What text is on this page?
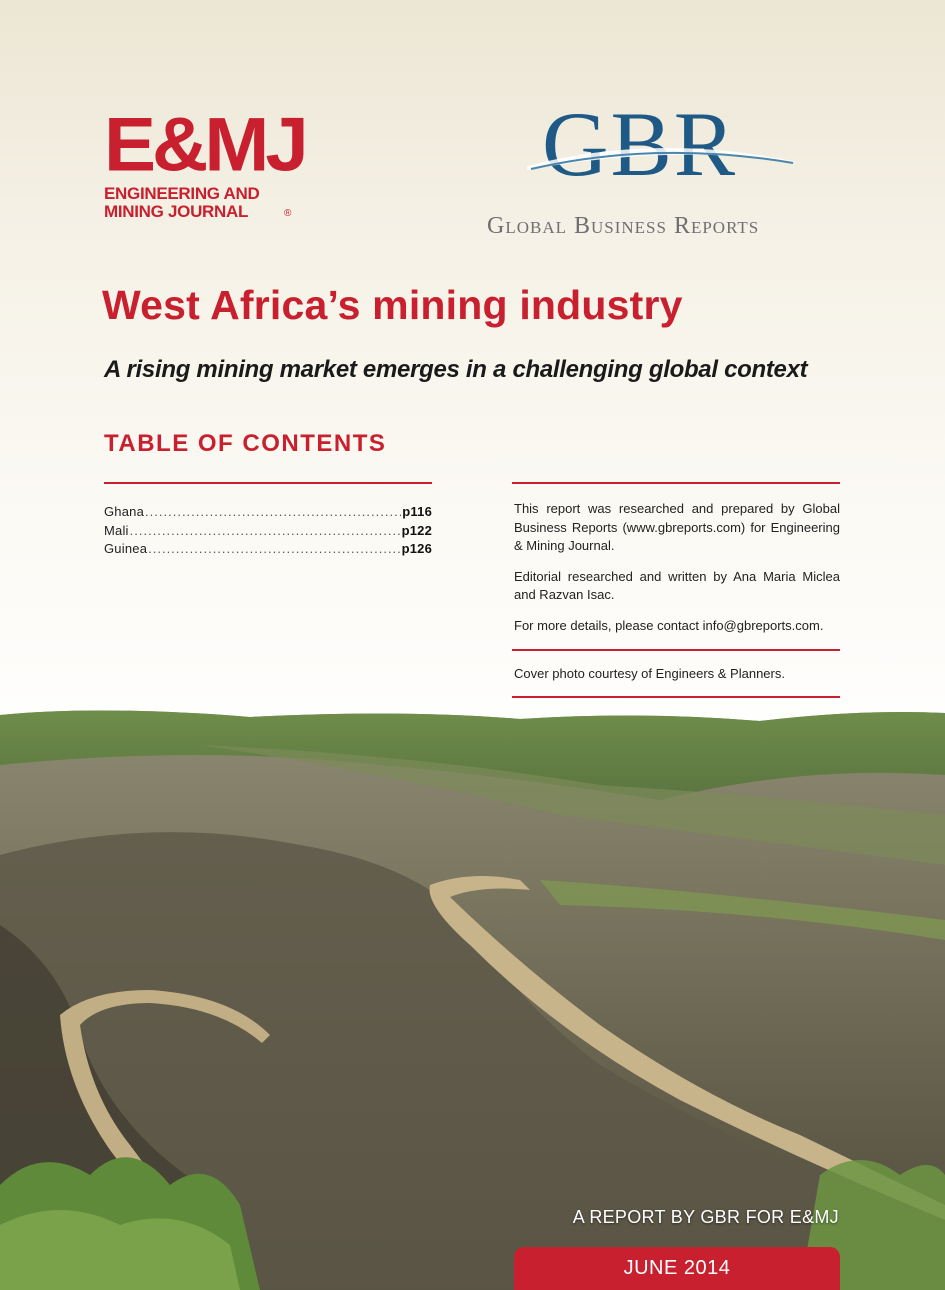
E&MJ
ENGINEERING AND
MINING JOURNAL	®
GBR
Global Business Reports
West Africa’s mining industry
A rising mining market emerges in a challenging global context
TABLE OF CONTENTS
Ghana .....	p116
Mali .....	p122
Guinea .....	p126

This report was researched and prepared by Global Business Reports (www.gbreports.com) for Engineering & Mining Journal.

Editorial researched and written by Ana Maria Miclea and Razvan Isac.

For more details, please contact info@gbreports.com.

Cover photo courtesy of Engineers & Planners.

A REPORT BY GBR FOR E&MJ

JUNE 2014
